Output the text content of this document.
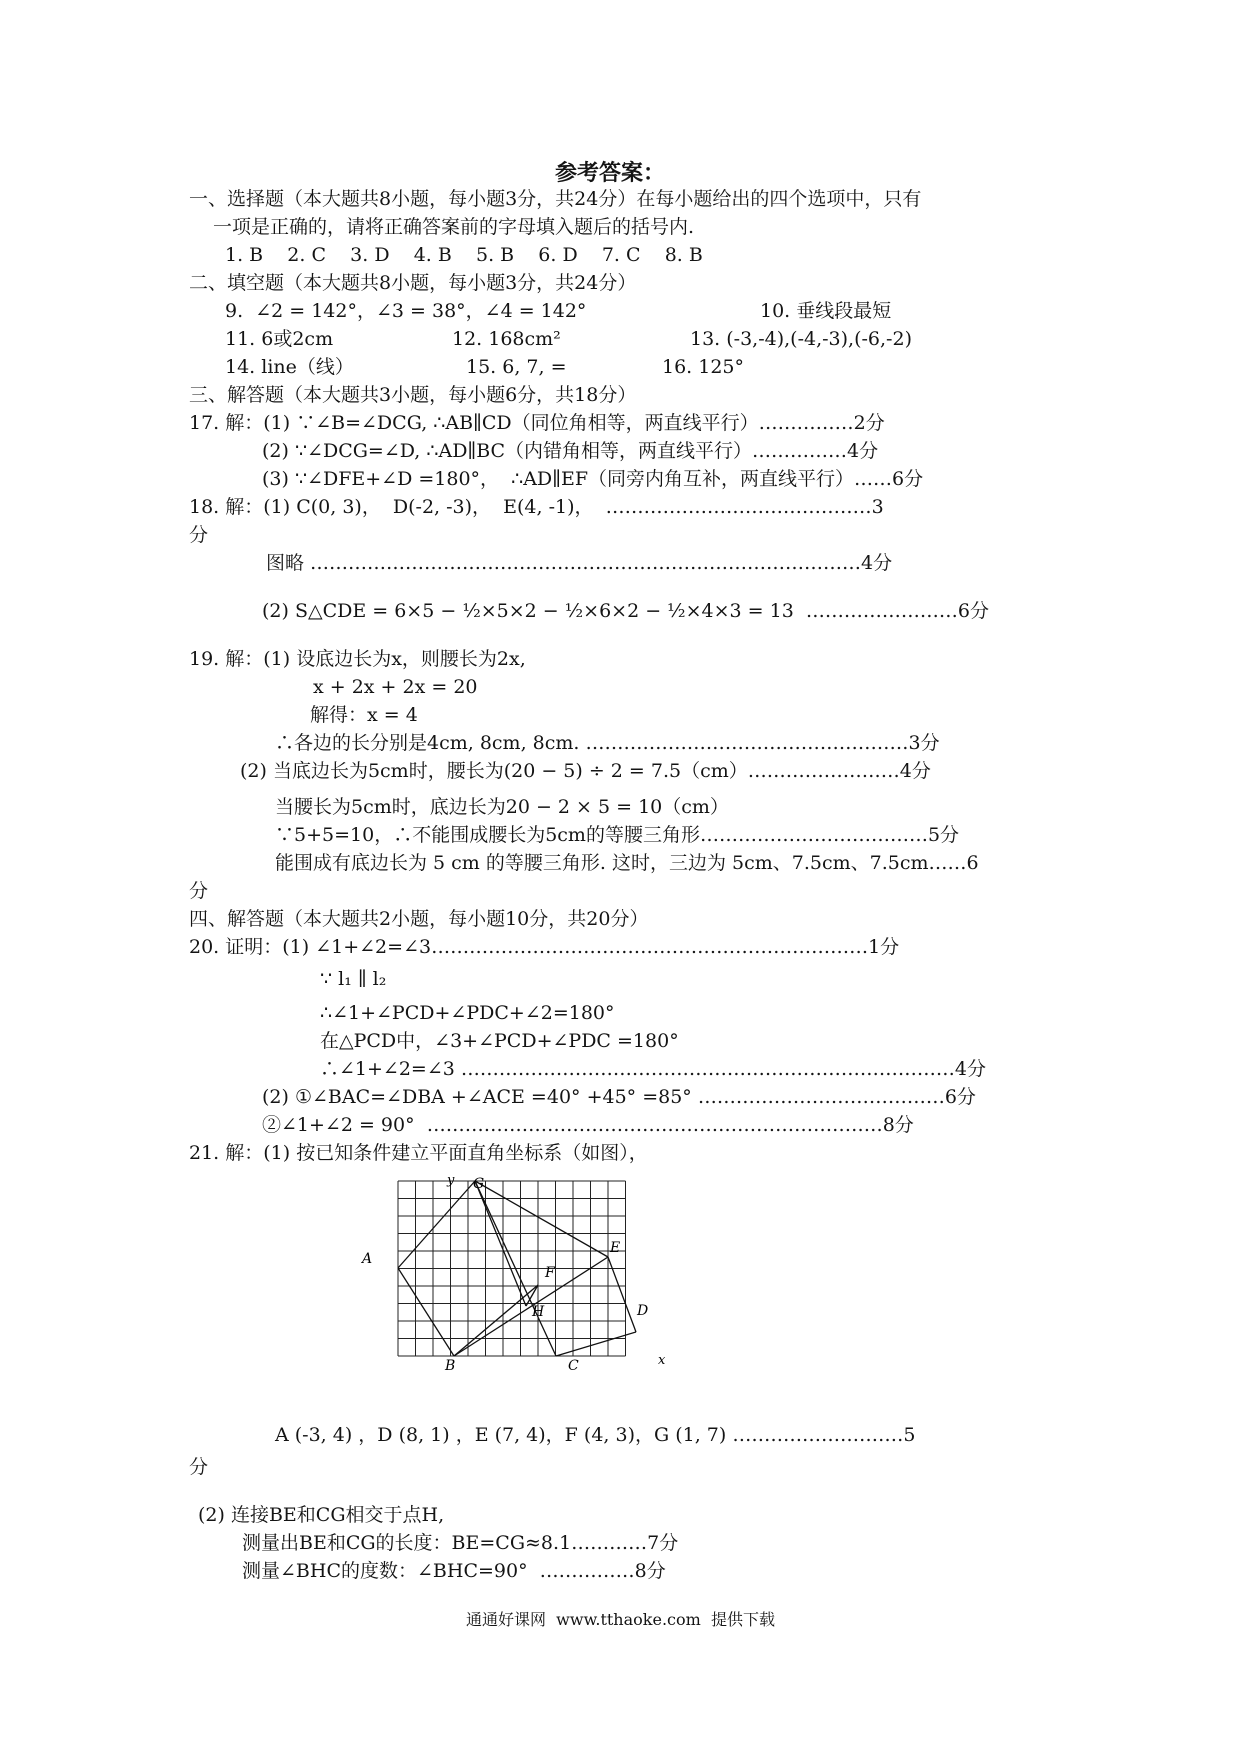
参考答案：
一、选择题（本大题共8小题，每小题3分，共24分）在每小题给出的四个选项中，只有
一项是正确的，请将正确答案前的字母填入题后的括号内.
1. B    2. C    3. D    4. B    5. B    6. D    7. C    8. B
二、填空题（本大题共8小题，每小题3分，共24分）
9.  ∠2 = 142°，∠3 = 38°，∠4 = 142°	10. 垂线段最短
11. 6或2cm	12. 168cm²	13. (-3,-4),(-4,-3),(-6,-2)
14. line（线）	15. 6, 7, =	16. 125°
三、解答题（本大题共3小题，每小题6分，共18分）
17. 解：(1) ∵∠B=∠DCG, ∴AB∥CD（同位角相等，两直线平行）……………2分
(2) ∵∠DCG=∠D, ∴AD∥BC（内错角相等，两直线平行）……………4分
(3) ∵∠DFE+∠D =180°，  ∴AD∥EF（同旁内角互补，两直线平行）……6分
18. 解：(1) C(0, 3)，  D(-2, -3)，  E(4, -1)，  ……………………………………3
分
图略 ……………………………………………………………………………4分
(2) S△CDE = 6×5 − ½×5×2 − ½×6×2 − ½×4×3 = 13  ……………………6分
19. 解：(1) 设底边长为x，则腰长为2x,
x + 2x + 2x = 20
解得：x = 4
∴各边的长分别是4cm, 8cm, 8cm. ……………………………………………3分
(2) 当底边长为5cm时，腰长为(20 − 5) ÷ 2 = 7.5（cm）……………………4分
当腰长为5cm时，底边长为20 − 2 × 5 = 10（cm）
∵5+5=10，∴不能围成腰长为5cm的等腰三角形………………………………5分
能围成有底边长为 5 cm 的等腰三角形. 这时，三边为 5cm、7.5cm、7.5cm……6
分
四、解答题（本大题共2小题，每小题10分，共20分）
20. 证明：(1) ∠1+∠2=∠3……………………………………………………………1分
∵ l₁ ∥ l₂
∴∠1+∠PCD+∠PDC+∠2=180°
在△PCD中，∠3+∠PCD+∠PDC =180°
∴∠1+∠2=∠3 ……………………………………………………………………4分
(2) ①∠BAC=∠DBA +∠ACE =40° +45° =85° …………………………………6分
②∠1+∠2 = 90°  ………………………………………………………………8分
21. 解：(1) 按已知条件建立平面直角坐标系（如图），
y
x
G
A
E
F
H	D
B	C
A (-3, 4) ，D (8, 1) ，E (7, 4)，F (4, 3)，G (1, 7) ………………………5
分
(2) 连接BE和CG相交于点H,
测量出BE和CG的长度：BE=CG≈8.1…………7分
测量∠BHC的度数：∠BHC=90°  ……………8分
通通好课网  www.tthaoke.com  提供下载
